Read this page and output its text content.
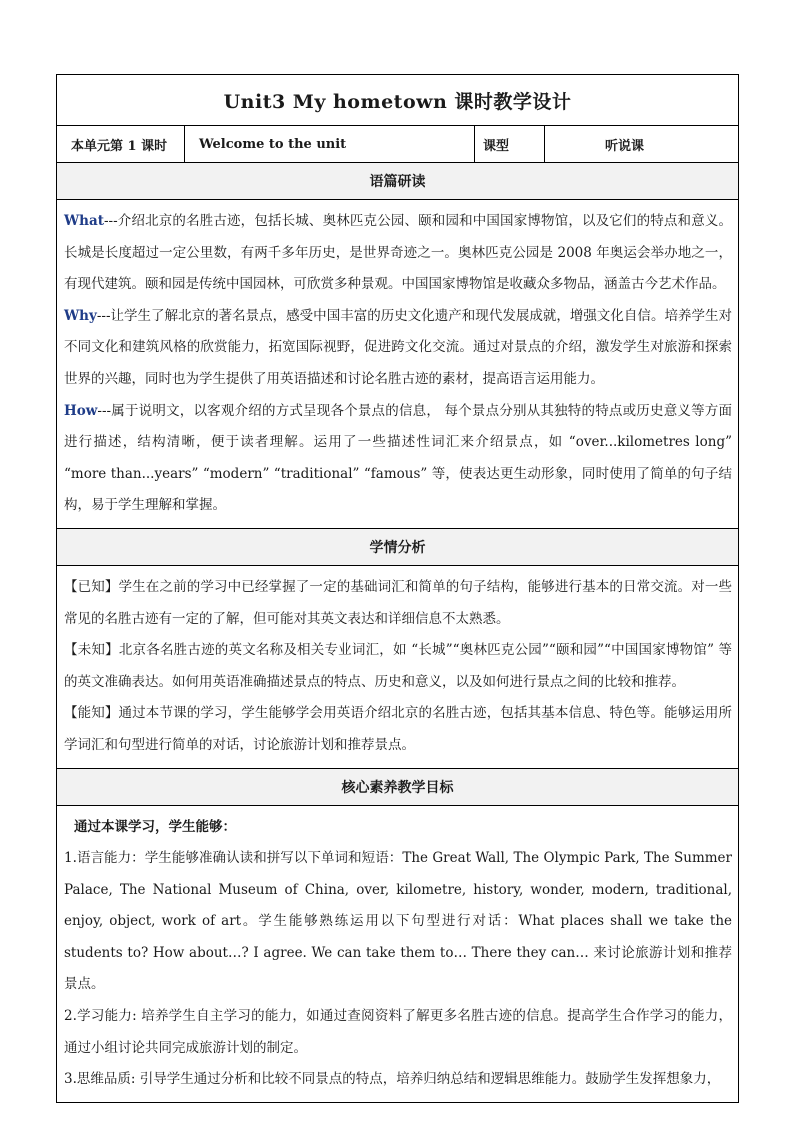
Unit3 My hometown 课时教学设计
本单元第 1 课时	Welcome to the unit	课型	听说课
语篇研读

What---介绍北京的名胜古迹，包括长城、奥林匹克公园、颐和园和中国国家博物馆，以及它们的特点和意义。长城是长度超过一定公里数，有两千多年历史，是世界奇迹之一。奥林匹克公园是 2008 年奥运会举办地之一，有现代建筑。颐和园是传统中国园林，可欣赏多种景观。中国国家博物馆是收藏众多物品，涵盖古今艺术作品。

Why---让学生了解北京的著名景点，感受中国丰富的历史文化遗产和现代发展成就，增强文化自信。培养学生对不同文化和建筑风格的欣赏能力，拓宽国际视野，促进跨文化交流。通过对景点的介绍，激发学生对旅游和探索世界的兴趣，同时也为学生提供了用英语描述和讨论名胜古迹的素材，提高语言运用能力。

How---属于说明文，以客观介绍的方式呈现各个景点的信息， 每个景点分别从其独特的特点或历史意义等方面进行描述，结构清晰，便于读者理解。运用了一些描述性词汇来介绍景点，如 “over...kilometres long” “more than...years” “modern” “traditional” “famous” 等，使表达更生动形象，同时使用了简单的句子结构，易于学生理解和掌握。

学情分析

【已知】学生在之前的学习中已经掌握了一定的基础词汇和简单的句子结构，能够进行基本的日常交流。对一些常见的名胜古迹有一定的了解，但可能对其英文表达和详细信息不太熟悉。

【未知】北京各名胜古迹的英文名称及相关专业词汇，如 “长城”“奥林匹克公园”“颐和园”“中国国家博物馆” 等的英文准确表达。如何用英语准确描述景点的特点、历史和意义，以及如何进行景点之间的比较和推荐。

【能知】通过本节课的学习，学生能够学会用英语介绍北京的名胜古迹，包括其基本信息、特色等。能够运用所学词汇和句型进行简单的对话，讨论旅游计划和推荐景点。

核心素养教学目标

通过本课学习，学生能够：

1.语言能力：学生能够准确认读和拼写以下单词和短语：The Great Wall, The Olympic Park, The Summer Palace, The National Museum of China, over, kilometre, history, wonder, modern, traditional, enjoy, object, work of art。学生能够熟练运用以下句型进行对话：What places shall we take the students to? How about…? I agree. We can take them to… There they can… 来讨论旅游计划和推荐景点。

2.学习能力: 培养学生自主学习的能力，如通过查阅资料了解更多名胜古迹的信息。提高学生合作学习的能力，通过小组讨论共同完成旅游计划的制定。

3.思维品质: 引导学生通过分析和比较不同景点的特点，培养归纳总结和逻辑思维能力。鼓励学生发挥想象力，
